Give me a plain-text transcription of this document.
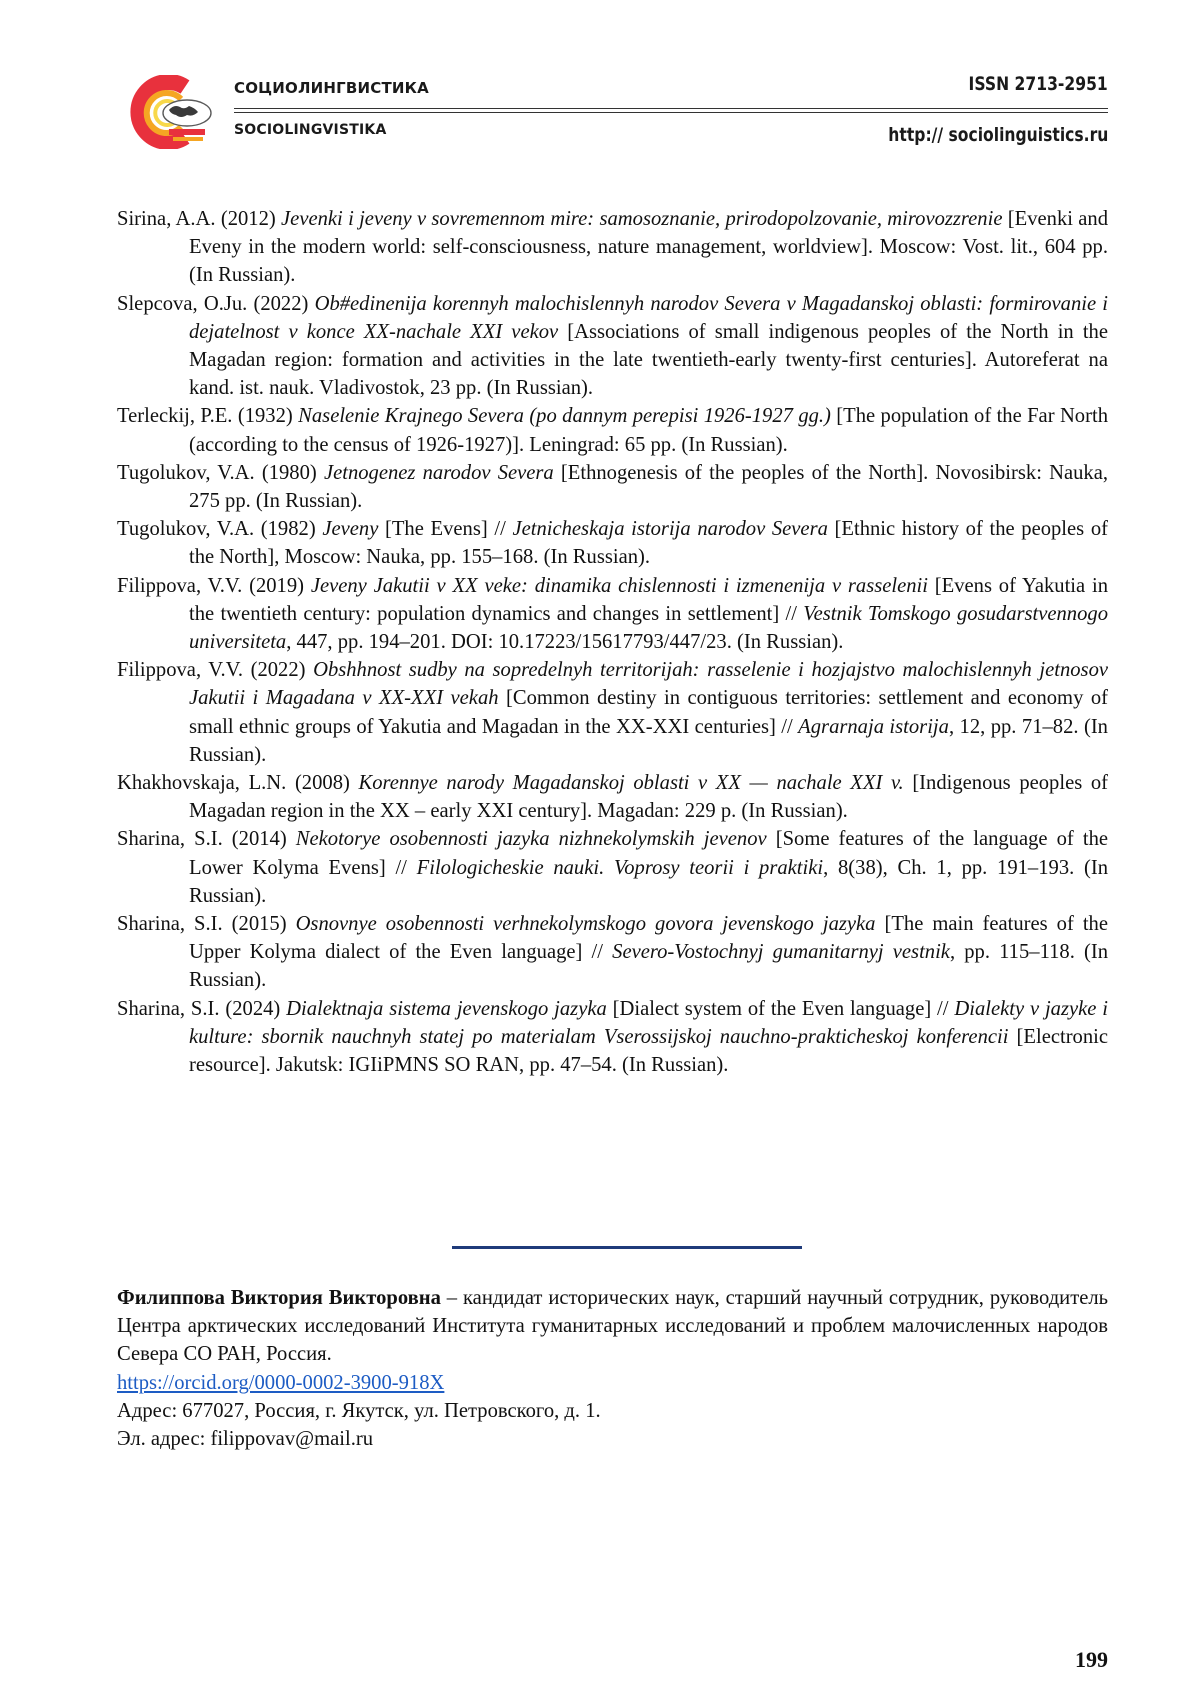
СОЦИОЛИНГВИСТИКА
SOCIOLINGVISTIKA
ISSN 2713-2951
http:// sociolinguistics.ru

Sirina, A.A. (2012) Jevenki i jeveny v sovremennom mire: samosoznanie, prirodopolzovanie, mirovozzrenie [Evenki and Eveny in the modern world: self-consciousness, nature management, worldview]. Moscow: Vost. lit., 604 pp. (In Russian).

Slepcova, O.Ju. (2022) Ob#edinenija korennyh malochislennyh narodov Severa v Magadanskoj oblasti: formirovanie i dejatelnost v konce XX-nachale XXI vekov [Associations of small indigenous peoples of the North in the Magadan region: formation and activities in the late twentieth-early twenty-first centuries]. Autoreferat na kand. ist. nauk. Vladivostok, 23 pp. (In Russian).

Terleckij, P.E. (1932) Naselenie Krajnego Severa (po dannym perepisi 1926-1927 gg.) [The population of the Far North (according to the census of 1926-1927)]. Leningrad: 65 pp. (In Russian).

Tugolukov, V.A. (1980) Jetnogenez narodov Severa [Ethnogenesis of the peoples of the North]. Novosibirsk: Nauka, 275 pp. (In Russian).

Tugolukov, V.A. (1982) Jeveny [The Evens] // Jetnicheskaja istorija narodov Severa [Ethnic history of the peoples of the North], Moscow: Nauka, pp. 155–168. (In Russian).

Filippova, V.V. (2019) Jeveny Jakutii v XX veke: dinamika chislennosti i izmenenija v rasselenii [Evens of Yakutia in the twentieth century: population dynamics and changes in settlement] // Vestnik Tomskogo gosudarstvennogo universiteta, 447, pp. 194–201. DOI: 10.17223/15617793/447/23. (In Russian).

Filippova, V.V. (2022) Obshhnost sudby na sopredelnyh territorijah: rasselenie i hozjajstvo malochislennyh jetnosov Jakutii i Magadana v XX-XXI vekah [Common destiny in contiguous territories: settlement and economy of small ethnic groups of Yakutia and Magadan in the XX-XXI centuries] // Agrarnaja istorija, 12, pp. 71–82. (In Russian).

Khakhovskaja, L.N. (2008) Korennye narody Magadanskoj oblasti v XX — nachale XXI v. [Indigenous peoples of Magadan region in the XX – early XXI century]. Magadan: 229 p. (In Russian).

Sharina, S.I. (2014) Nekotorye osobennosti jazyka nizhnekolymskih jevenov [Some features of the language of the Lower Kolyma Evens] // Filologicheskie nauki. Voprosy teorii i praktiki, 8(38), Ch. 1, pp. 191–193. (In Russian).

Sharina, S.I. (2015) Osnovnye osobennosti verhnekolymskogo govora jevenskogo jazyka [The main features of the Upper Kolyma dialect of the Even language] // Severo-Vostochnyj gumanitarnyj vestnik, pp. 115–118. (In Russian).

Sharina, S.I. (2024) Dialektnaja sistema jevenskogo jazyka [Dialect system of the Even language] // Dialekty v jazyke i kulture: sbornik nauchnyh statej po materialam Vserossijskoj nauchno-prakticheskoj konferencii [Electronic resource]. Jakutsk: IGIiPMNS SO RAN, pp. 47–54. (In Russian).

Филиппова Виктория Викторовна – кандидат исторических наук, старший научный сотрудник, руководитель Центра арктических исследований Института гуманитарных исследований и проблем малочисленных народов Севера СО РАН, Россия.

https://orcid.org/0000-0002-3900-918X

Адрес: 677027, Россия, г. Якутск, ул. Петровского, д. 1.

Эл. адрес: filippovav@mail.ru

199
